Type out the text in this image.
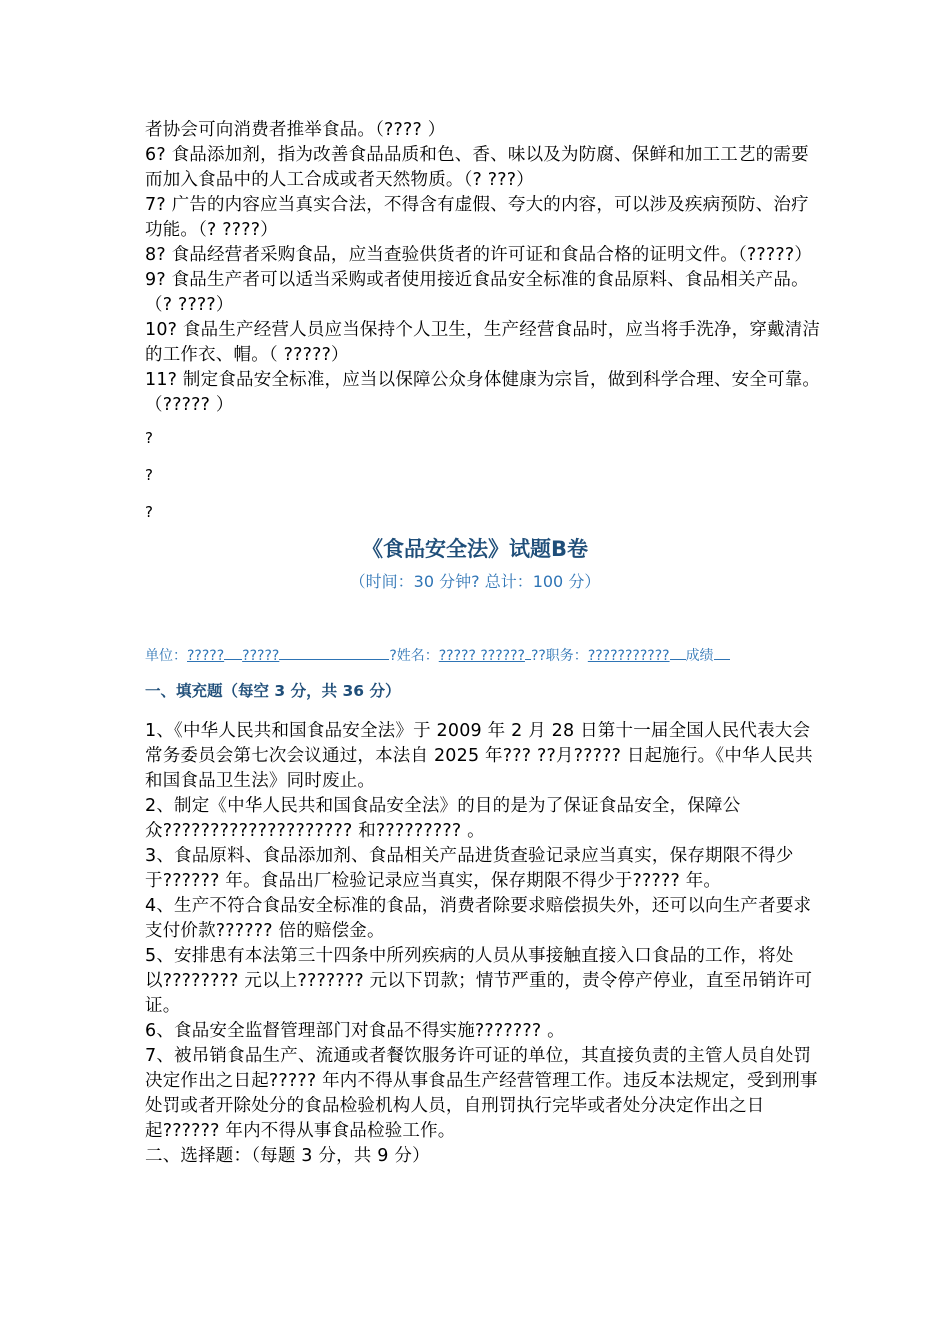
者协会可向消费者推举食品。（???? ）

6? 食品添加剂，指为改善食品品质和色、香、味以及为防腐、保鲜和加工工艺的需要而加入食品中的人工合成或者天然物质。（? ???）

7? 广告的内容应当真实合法，不得含有虚假、夸大的内容，可以涉及疾病预防、治疗功能。（? ????）

8? 食品经营者采购食品，应当查验供货者的许可证和食品合格的证明文件。（?????）

9? 食品生产者可以适当采购或者使用接近食品安全标准的食品原料、食品相关产品。（? ????）

10? 食品生产经营人员应当保持个人卫生，生产经营食品时，应当将手洗净，穿戴清洁的工作衣、帽。（ ?????）

11? 制定食品安全标准，应当以保障公众身体健康为宗旨，做到科学合理、安全可靠。（????? ）

?

?

?

《食品安全法》试题B卷
（时间：30 分钟? 总计：100 分）
单位：????? ?????	?姓名：????? ?????? ??职务：??????????? 成绩
一、填充题（每空 3 分，共 36 分）

1、《中华人民共和国食品安全法》于 2009 年 2 月 28 日第十一届全国人民代表大会常务委员会第七次会议通过，本法自 2025 年??? ??月????? 日起施行。《中华人民共和国食品卫生法》同时废止。

2、制定《中华人民共和国食品安全法》的目的是为了保证食品安全，保障公众???????????????????? 和????????? 。

3、食品原料、食品添加剂、食品相关产品进货查验记录应当真实，保存期限不得少于?????? 年。食品出厂检验记录应当真实，保存期限不得少于????? 年。

4、生产不符合食品安全标准的食品，消费者除要求赔偿损失外，还可以向生产者要求支付价款?????? 倍的赔偿金。

5、安排患有本法第三十四条中所列疾病的人员从事接触直接入口食品的工作，将处以???????? 元以上??????? 元以下罚款；情节严重的，责令停产停业，直至吊销许可证。

6、食品安全监督管理部门对食品不得实施??????? 。

7、被吊销食品生产、流通或者餐饮服务许可证的单位，其直接负责的主管人员自处罚决定作出之日起????? 年内不得从事食品生产经营管理工作。违反本法规定，受到刑事处罚或者开除处分的食品检验机构人员，自刑罚执行完毕或者处分决定作出之日起?????? 年内不得从事食品检验工作。

二、选择题：（每题 3 分，共 9 分）
